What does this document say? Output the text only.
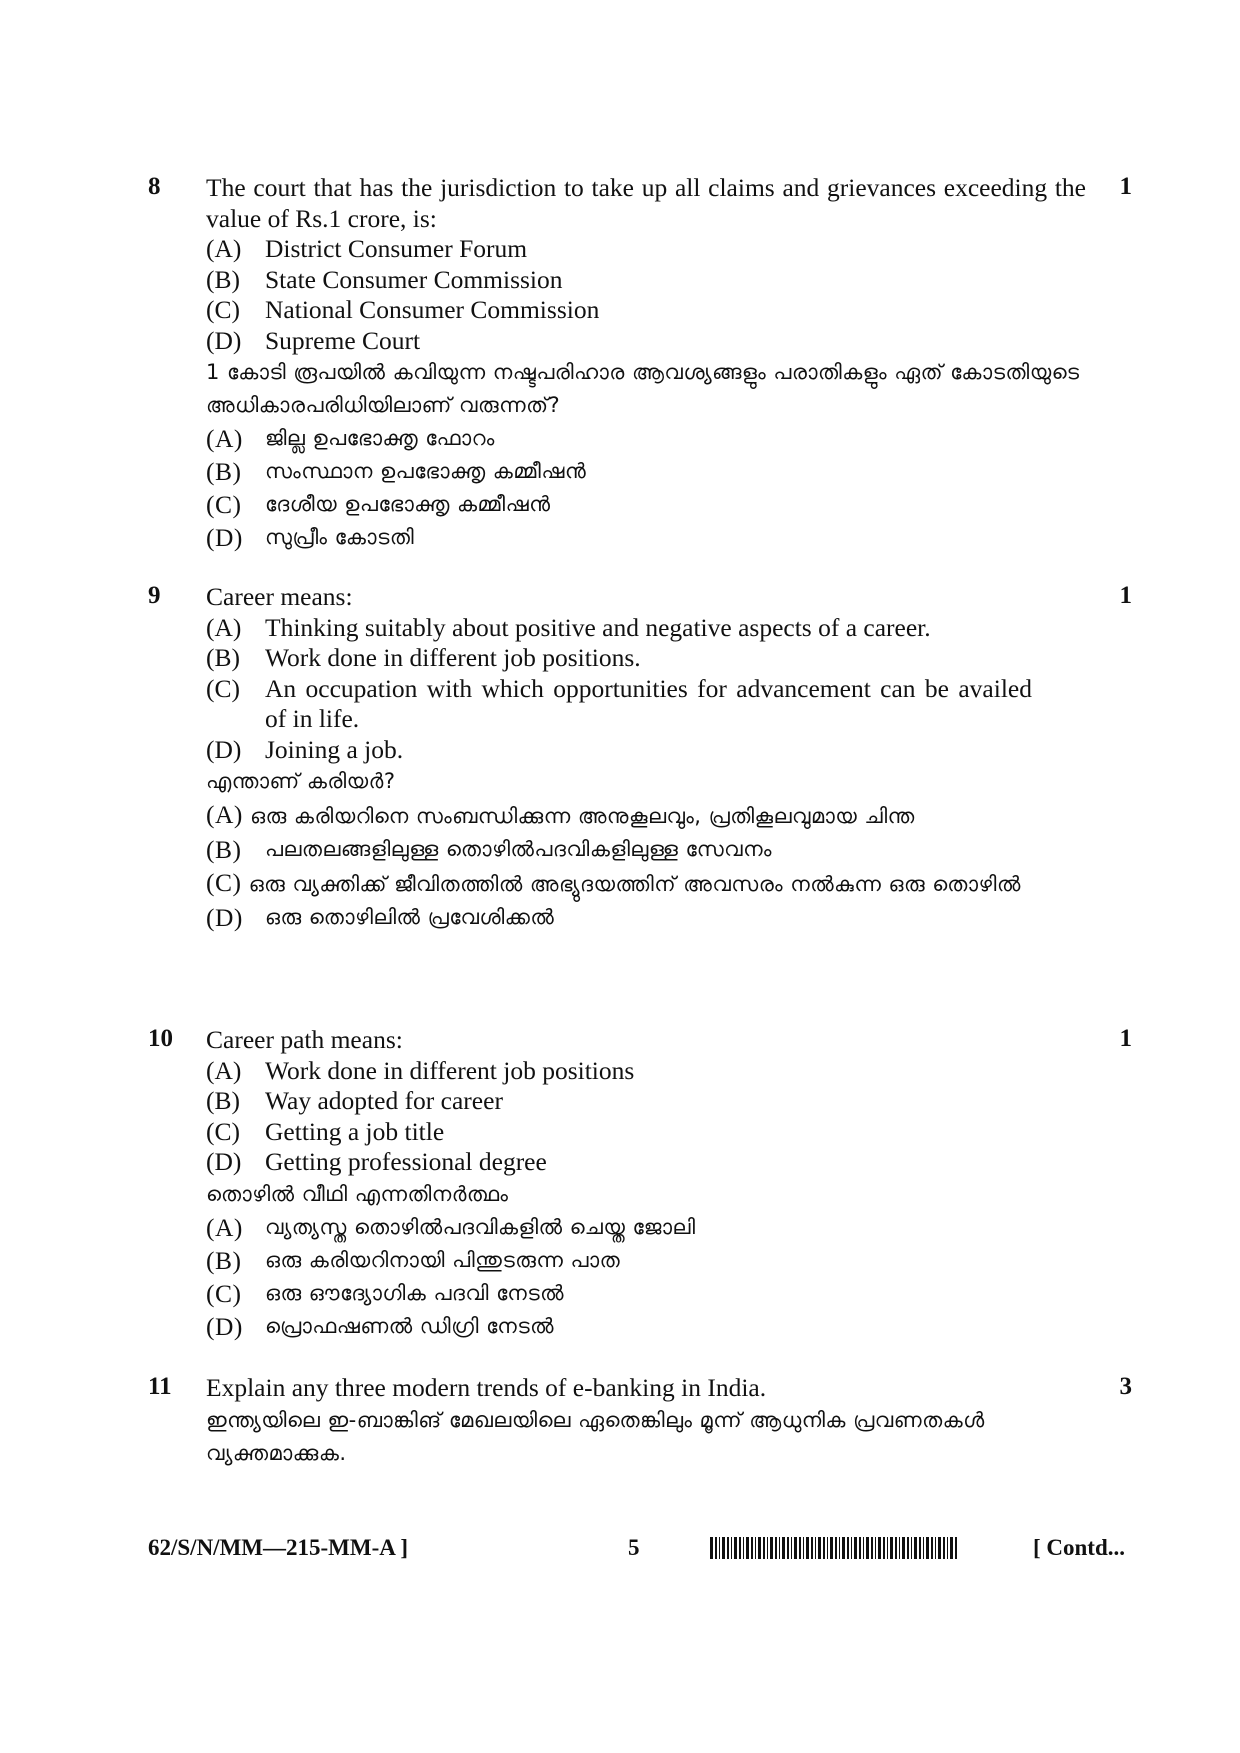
8	1
The court that has the jurisdiction to take up all claims and grievances exceeding the value of Rs.1 crore, is:
(A) District Consumer Forum
(B) State Consumer Commission
(C) National Consumer Commission
(D) Supreme Court
1 കോടി രൂപയിൽ കവിയുന്ന നഷ്ടപരിഹാര ആവശ്യങ്ങളും പരാതികളും ഏത് കോടതിയുടെ അധികാരപരിധിയിലാണ് വരുന്നത്?
(A)	ജില്ല ഉപഭോക്തൃ ഫോറം
(B)	സംസ്ഥാന ഉപഭോക്തൃ കമ്മീഷൻ
(C)	ദേശീയ ഉപഭോക്തൃ കമ്മീഷൻ
(D)	സുപ്രീം കോടതി
9	1
Career means:
(A) Thinking suitably about positive and negative aspects of a career.
(B) Work done in different job positions.
(C) An occupation with which opportunities for advancement can be availed of in life.
(D) Joining a job.
എന്താണ് കരിയർ?
(A) ഒരു കരിയറിനെ സംബന്ധിക്കുന്ന അനുകൂലവും, പ്രതികൂലവുമായ ചിന്ത
(B)	പലതലങ്ങളിലുള്ള തൊഴിൽപദവികളിലുള്ള സേവനം
(C) ഒരു വ്യക്തിക്ക് ജീവിതത്തിൽ അഭ്യുദയത്തിന് അവസരം നൽകുന്ന ഒരു തൊഴിൽ
(D)	ഒരു തൊഴിലിൽ പ്രവേശിക്കൽ
10	1
Career path means:
(A) Work done in different job positions
(B) Way adopted for career
(C) Getting a job title
(D) Getting professional degree
തൊഴിൽ വീഥി എന്നതിനർത്ഥം
(A)	വ്യത്യസ്ത തൊഴിൽപദവികളിൽ ചെയ്ത ജോലി
(B)	ഒരു കരിയറിനായി പിന്തുടരുന്ന പാത
(C)	ഒരു ഔദ്യോഗിക പദവി നേടൽ
(D)	പ്രൊഫഷണൽ ഡിഗ്രി നേടൽ
11	3
Explain any three modern trends of e-banking in India.
ഇന്ത്യയിലെ ഇ-ബാങ്കിങ് മേഖലയിലെ ഏതെങ്കിലും മൂന്ന് ആധുനിക പ്രവണതകൾ വ്യക്തമാക്കുക.
62/S/N/MM—215-MM-A ]	5	[ Contd...
